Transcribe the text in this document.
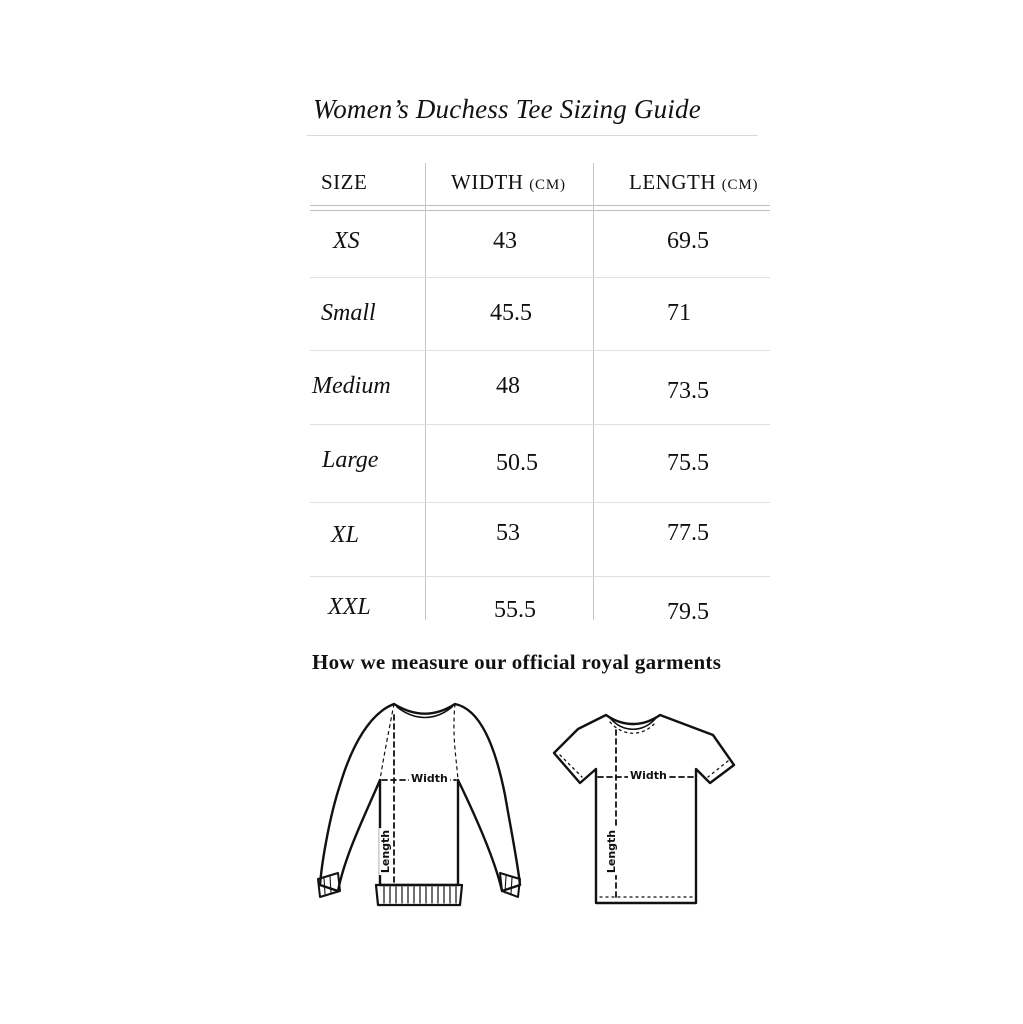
Women’s Duchess Tee Sizing Guide
SIZE	WIDTH (CM)	LENGTH (CM)
XS	43	69.5
Small	45.5	71
Medium	48	73.5
Large	50.5	75.5
XL	53	77.5
XXL	55.5	79.5
How we measure our official royal garments
Width
Length
Width
Length
